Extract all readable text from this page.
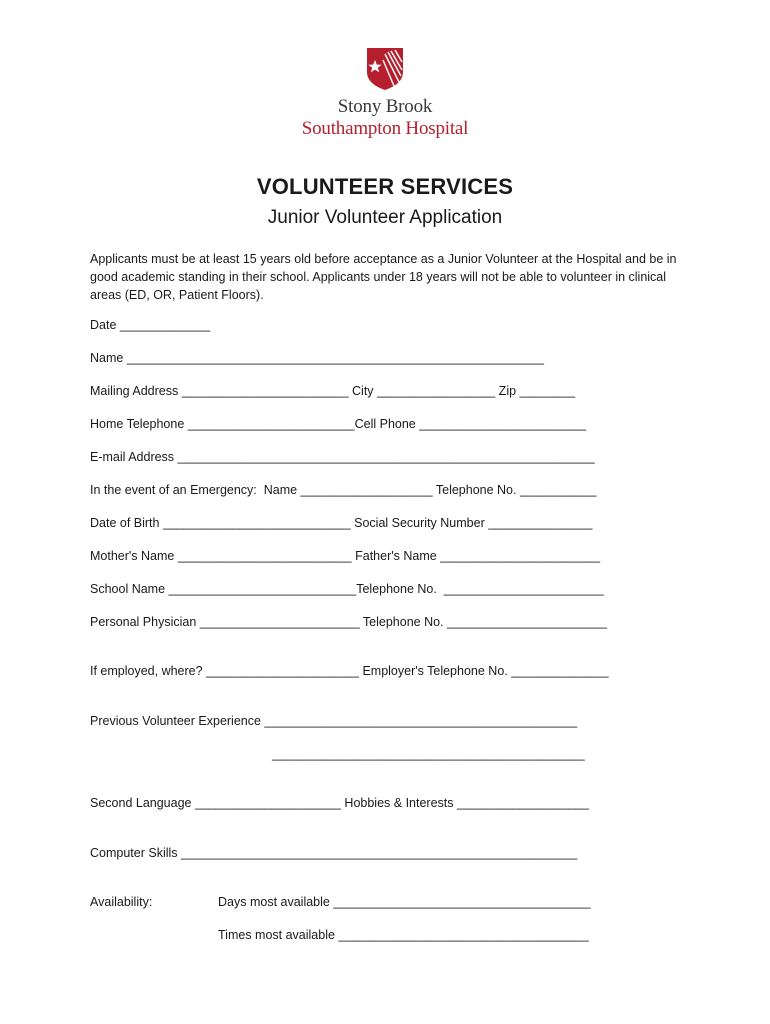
Stony Brook
Southampton Hospital
VOLUNTEER SERVICES
Junior Volunteer Application
Applicants must be at least 15 years old before acceptance as a Junior Volunteer at the Hospital and be in good academic standing in their school. Applicants under 18 years will not be able to volunteer in clinical areas (ED, OR, Patient Floors).
Date _____________
Name ____________________________________________________________
Mailing Address ________________________ City _________________ Zip ________
Home Telephone ________________________Cell Phone ________________________
E-mail Address ____________________________________________________________
In the event of an Emergency:  Name ___________________ Telephone No. ___________
Date of Birth ___________________________ Social Security Number _______________
Mother's Name _________________________ Father's Name _______________________
School Name ___________________________Telephone No.  _______________________
Personal Physician _______________________ Telephone No. _______________________
If employed, where? ______________________ Employer's Telephone No. ______________
Previous Volunteer Experience _____________________________________________
_____________________________________________
Second Language _____________________ Hobbies & Interests ___________________
Computer Skills _________________________________________________________
Availability:	Days most available _____________________________________
Times most available ____________________________________
